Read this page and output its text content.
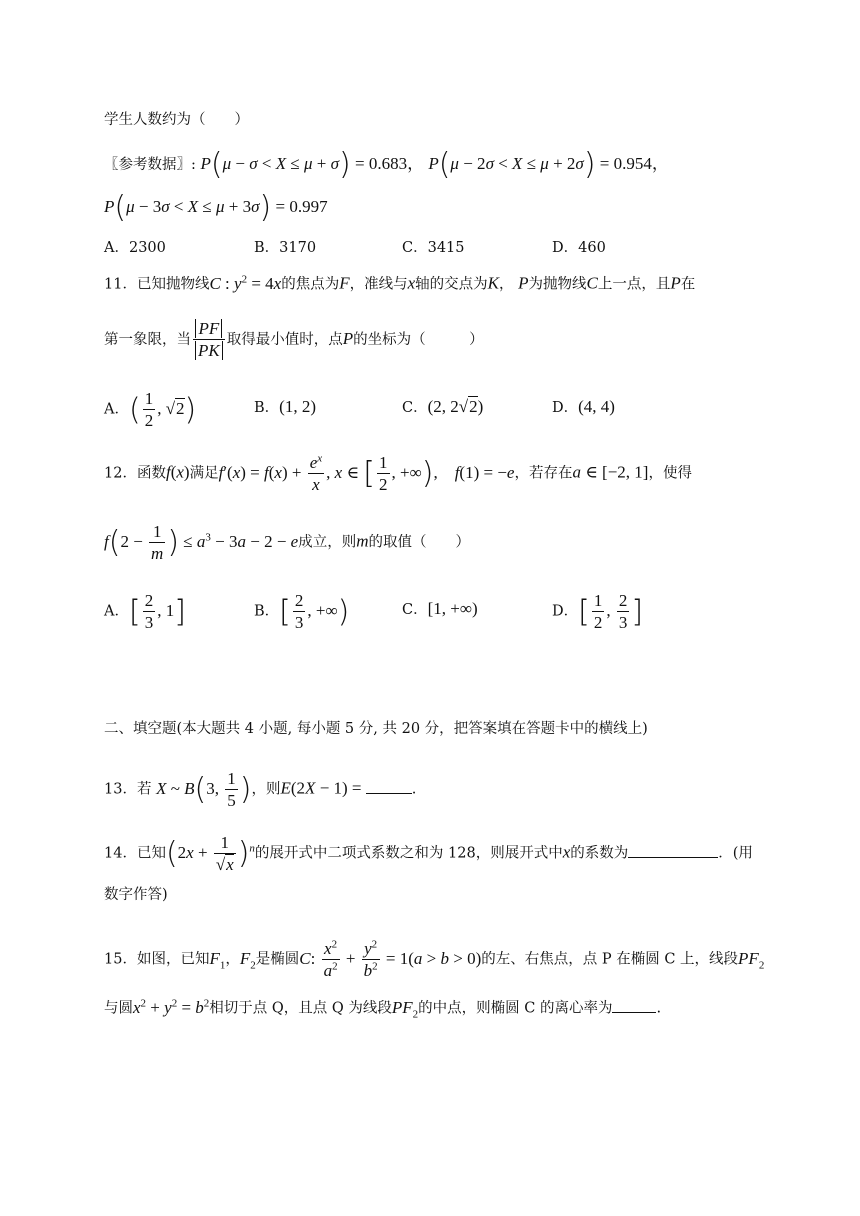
学生人数约为（　　）
〖参考数据〗: P(μ − σ < X ≤ μ + σ) = 0.683， P(μ − 2σ < X ≤ μ + 2σ) = 0.954，
P(μ − 3σ < X ≤ μ + 3σ) = 0.997
A．2300	B．3170	C．3415	D．460
11．已知抛物线C : $y^2 = 4x$的焦点为F，准线与x轴的交点为K， P为抛物线C上一点，且P在
第一象限，当 $\frac{PF}{PK}$ 取得最小值时，点P的坐标为（　　　）
A．( $\frac{1}{2}$ , √2)	B．(1, 2)	C．(2, 2√2)	D．(4, 4)
12．函数f(x)满足$f'(x) = f(x) + \frac{e^x}{x}$ , x ∈ [ $\frac{1}{2}$ , +∞),    f(1) = −e，若存在a ∈ [−2, 1]，使得
$f(2 - \frac{1}{m}$ ) ≤ $a^3 - 3a - 2 - e$成立，则m的取值（　　）
A．[ $\frac{2}{3}$ , 1]	B．[ $\frac{2}{3}$ , +∞)	C．[1, +∞)	D．[ $\frac{1}{2}$ , $\frac{2}{3}$ ]
二、填空题(本大题共 4 小题, 每小题 5 分, 共 20 分，把答案填在答题卡中的横线上)
13．若 X ~ B(3, $\frac{1}{5}$ )，则E(2X − 1) =	.
14．已知$(2x + \frac{1}{√x} )^n$的展开式中二项式系数之和为 128，则展开式中x的系数为	．(用
数字作答)
15．如图，已知$F_1$，$F_2$是椭圆C: $\frac{x^2}{a^2} + \frac{y^2}{b^2} = 1(a > b > 0)$的左、右焦点，点 P 在椭圆 C 上，线段$PF_2$
与圆$x^2 + y^2 = b^2$相切于点 Q，且点 Q 为线段$PF_2$的中点，则椭圆 C 的离心率为	.
